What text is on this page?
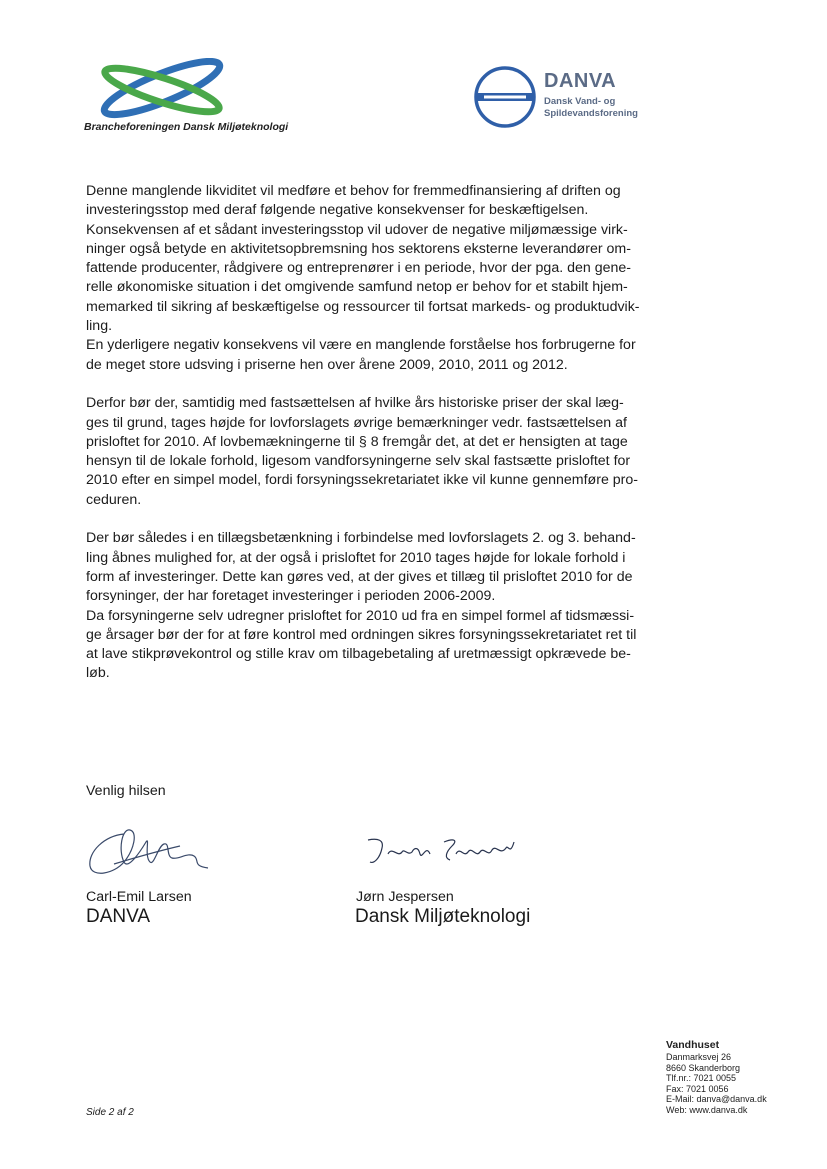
Brancheforeningen Dansk Miljøteknologi
DANVA
Dansk Vand- og
Spildevandsforening

Denne manglende likviditet vil medføre et behov for fremmedfinansiering af driften og

investeringsstop med deraf følgende negative konsekvenser for beskæftigelsen.

Konsekvensen af et sådant investeringsstop vil udover de negative miljømæssige virk-

ninger også betyde en aktivitetsopbremsning hos sektorens eksterne leverandører om-

fattende producenter, rådgivere og entreprenører i en periode, hvor der pga. den gene-

relle økonomiske situation i det omgivende samfund netop er behov for et stabilt hjem-

memarked til sikring af beskæftigelse og ressourcer til fortsat markeds- og produktudvik-

ling.

En yderligere negativ konsekvens vil være en manglende forståelse hos forbrugerne for

de meget store udsving i priserne hen over årene 2009, 2010, 2011 og 2012.

Derfor bør der, samtidig med fastsættelsen af hvilke års historiske priser der skal læg-

ges til grund, tages højde for lovforslagets øvrige bemærkninger vedr. fastsættelsen af

prisloftet for 2010. Af lovbemækningerne til § 8 fremgår det, at det er hensigten at tage

hensyn til de lokale forhold, ligesom vandforsyningerne selv skal fastsætte prisloftet for

2010 efter en simpel model, fordi forsyningssekretariatet ikke vil kunne gennemføre pro-

ceduren.

Der bør således i en tillægsbetænkning i forbindelse med lovforslagets 2. og 3. behand-

ling åbnes mulighed for, at der også i prisloftet for 2010 tages højde for lokale forhold i

form af investeringer. Dette kan gøres ved, at der gives et tillæg til prisloftet 2010 for de

forsyninger, der har foretaget investeringer i perioden 2006-2009.

Da forsyningerne selv udregner prisloftet for 2010 ud fra en simpel formel af tidsmæssi-

ge årsager bør der for at føre kontrol med ordningen sikres forsyningssekretariatet ret til

at lave stikprøvekontrol og stille krav om tilbagebetaling af uretmæssigt opkrævede be-

løb.

Venlig hilsen
Carl-Emil Larsen
DANVA
Jørn Jespersen
Dansk Miljøteknologi
Side 2 af 2
Vandhuset
Danmarksvej 26
8660 Skanderborg
Tlf.nr.: 7021 0055
Fax: 7021 0056
E-Mail: danva@danva.dk
Web: www.danva.dk
